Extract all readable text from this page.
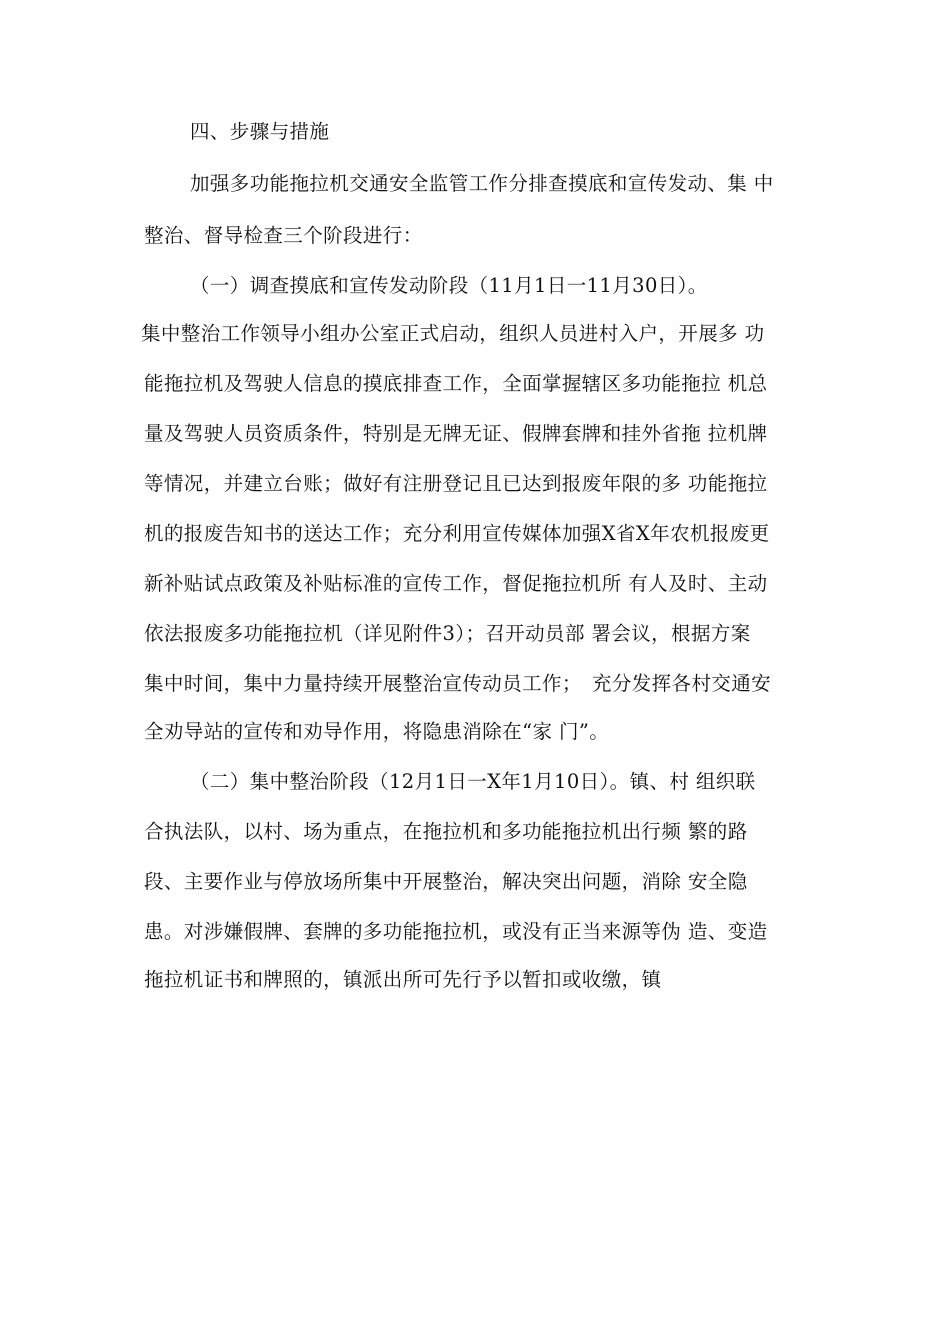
四、步骤与措施
加强多功能拖拉机交通安全监管工作分排查摸底和宣传发动、集 中
整治、督导检查三个阶段进行：
（一）调查摸底和宣传发动阶段（11月1日一11月30日）。
集中整治工作领导小组办公室正式启动，组织人员进村入户，开展多 功
能拖拉机及驾驶人信息的摸底排查工作，全面掌握辖区多功能拖拉 机总
量及驾驶人员资质条件，特别是无牌无证、假牌套牌和挂外省拖 拉机牌
等情况，并建立台账；做好有注册登记且已达到报废年限的多 功能拖拉
机的报废告知书的送达工作；充分利用宣传媒体加强X省X年农机报废更
新补贴试点政策及补贴标准的宣传工作，督促拖拉机所 有人及时、主动
依法报废多功能拖拉机（详见附件3）；召开动员部 署会议，根据方案
集中时间，集中力量持续开展整治宣传动员工作；　充分发挥各村交通安
全劝导站的宣传和劝导作用，将隐患消除在“家 门”。
（二）集中整治阶段（12月1日一X年1月10日）。镇、村 组织联
合执法队，以村、场为重点，在拖拉机和多功能拖拉机出行频 繁的路
段、主要作业与停放场所集中开展整治，解决突出问题，消除 安全隐
患。对涉嫌假牌、套牌的多功能拖拉机，或没有正当来源等伪 造、变造
拖拉机证书和牌照的，镇派出所可先行予以暂扣或收缴，镇
